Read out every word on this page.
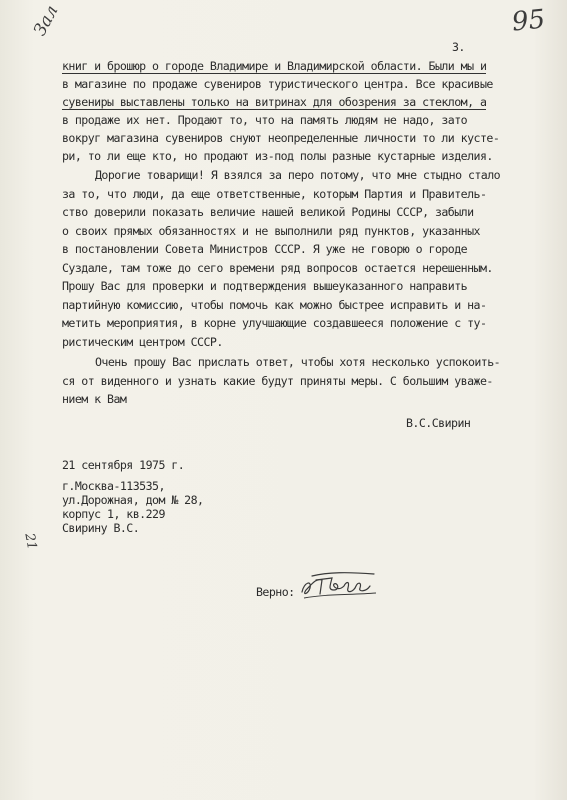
Зал	95
21
3.
книг и брошюр о городе Владимире и Владимирской области. Были мы и
в магазине по продаже сувениров туристического центра. Все красивые
сувениры выставлены только на витринах для обозрения за стеклом, а
в продаже их нет. Продают то, что на память людям не надо, зато
вокруг магазина сувениров снуют неопределенные личности то ли кусте-
ри, то ли еще кто, но продают из-под полы разные кустарные изделия.
Дорогие товарищи! Я взялся за перо потому, что мне стыдно стало
за то, что люди, да еще ответственные, которым Партия и Правитель-
ство доверили показать величие нашей великой Родины СССР, забыли
о своих прямых обязанностях и не выполнили ряд пунктов, указанных
в постановлении Совета Министров СССР. Я уже не говорю о городе
Суздале, там тоже до сего времени ряд вопросов остается нерешенным.
Прошу Вас для проверки и подтверждения вышеуказанного направить
партийную комиссию, чтобы помочь как можно быстрее исправить и на-
метить мероприятия, в корне улучшающие создавшееся положение с ту-
ристическим центром СССР.
Очень прошу Вас прислать ответ, чтобы хотя несколько успокоить-
ся от виденного и узнать какие будут приняты меры. С большим уваже-
нием к Вам
В.С.Свирин
21 сентября 1975 г.
г.Москва-113535,
ул.Дорожная, дом № 28,
корпус 1, кв.229
Свирину В.С.
Верно:
